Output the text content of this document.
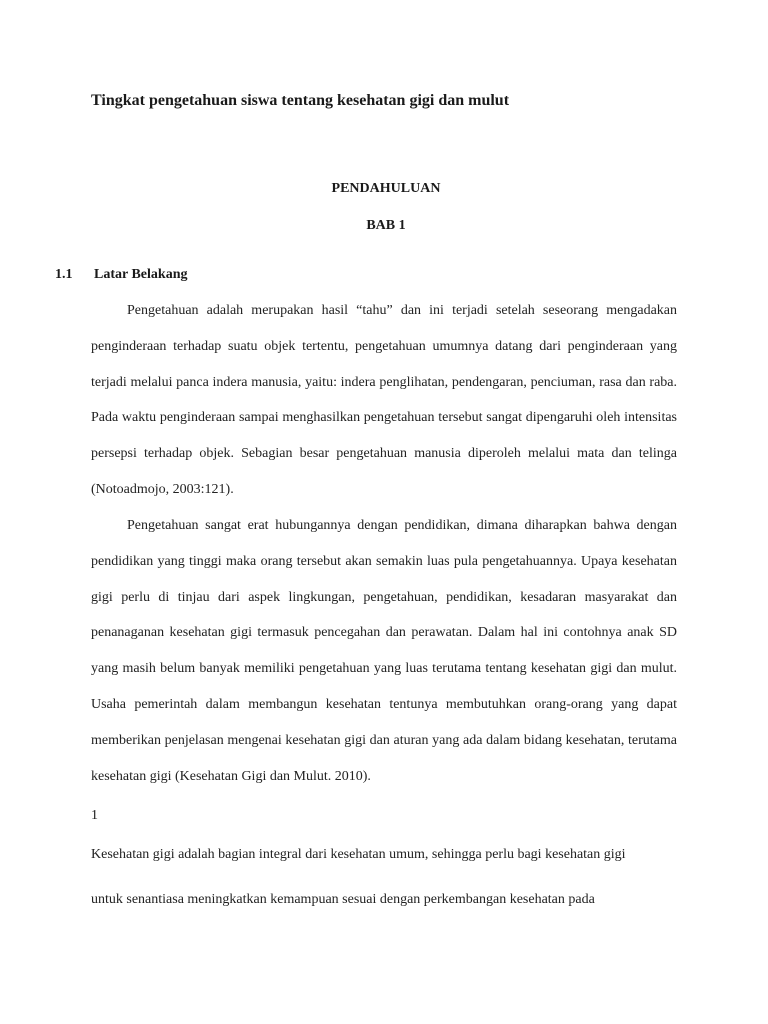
Tingkat pengetahuan siswa tentang kesehatan gigi dan mulut
PENDAHULUAN
BAB 1
1.1 Latar Belakang

Pengetahuan adalah merupakan hasil “tahu” dan ini terjadi setelah seseorang mengadakan penginderaan terhadap suatu objek tertentu, pengetahuan umumnya datang dari penginderaan yang terjadi melalui panca indera manusia, yaitu: indera penglihatan, pendengaran, penciuman, rasa dan raba. Pada waktu penginderaan sampai menghasilkan pengetahuan tersebut sangat dipengaruhi oleh intensitas persepsi terhadap objek. Sebagian besar pengetahuan manusia diperoleh melalui mata dan telinga (Notoadmojo, 2003:121).

Pengetahuan sangat erat hubungannya dengan pendidikan, dimana diharapkan bahwa dengan pendidikan yang tinggi maka orang tersebut akan semakin luas pula pengetahuannya. Upaya kesehatan gigi perlu di tinjau dari aspek lingkungan, pengetahuan, pendidikan, kesadaran masyarakat dan penanaganan kesehatan gigi termasuk pencegahan dan perawatan. Dalam hal ini contohnya anak SD yang masih belum banyak memiliki pengetahuan yang luas terutama tentang kesehatan gigi dan mulut. Usaha pemerintah dalam membangun kesehatan tentunya membutuhkan orang-orang yang dapat memberikan penjelasan mengenai kesehatan gigi dan aturan yang ada dalam bidang kesehatan, terutama kesehatan gigi (Kesehatan Gigi dan Mulut. 2010).

1

Kesehatan gigi adalah bagian integral dari kesehatan umum, sehingga perlu bagi kesehatan gigi
untuk senantiasa meningkatkan kemampuan sesuai dengan perkembangan kesehatan pada
